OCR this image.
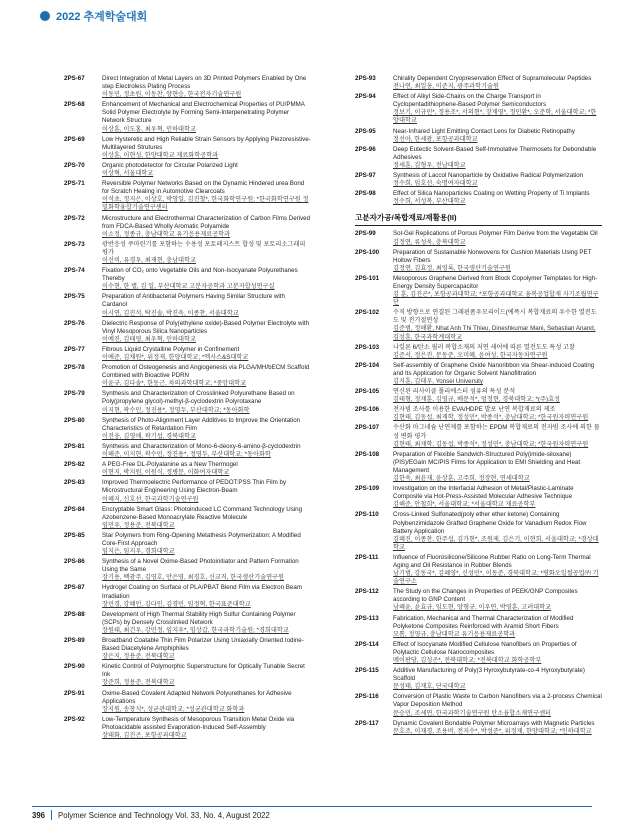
2022 추계학술대회
2PS-67	Direct Integration of Metal Layers on 3D Printed Polymers Enabled by One step Electroless Plating Process
이동민, 정초원, 이동찬, 양현승, 한국전자기술연구원
2PS-68	Enhancement of Mechanical and Electrochemical Properties of PU/PMMA Solid Polymer Electrolyte by Forming Semi-Interpenetrating Polymer Network Structure
이상훈, 이도홍, 최우혁, 인하대학교
2PS-69	Low Hysteretic and High Reliable Strain Sensors by Applying Piezoresistive-Multilayered Strutures
이상훈, 이현성, 한양대학교 재료화학공학과
2PS-70	Organic photodetector for Circular Polarized Light
이상혁, 서울대학교
2PS-71	Reversible Polymer Networks Based on the Dynamic Hindered urea Bond for Scratch Healing in Automotive Clearcoats
이석초, 정지은, 이상호, 박영일, 김진철*, 한국화학연구원; *한국화학연구원 정밀화학융합기술연구센터
2PS-72	Microstructure and Electrothermal Characterization of Carbon Films Derived from FDCA-Based Wholly Aromatic Polyamide
이소정, 정종규, 충남대학교 유기응용재료공학과
2PS-73	광반응성 쿠마린기를 포함하는 수용성 포토레지스트 합성 및 포토리소그래피 평가
이신비, 유경우, 최재현, 충남대학교
2PS-74	Fixation of CO₂ onto Vegetable Oils and Non-Isocyanate Polyurethanes Thereby
이수현, 한 별, 김 일, 부산대학교 고분자공학과 고분자합성연구실
2PS-75	Preparation of Antibacterial Polymers Having Similar Structure with Cardanol
이시연, 김진석, 탁진솔, 박진욱, 이종찬, 서울대학교
2PS-76	Dielectric Response of Poly(ethylene oxide)-Based Polymer Electrolyte with Vinyl Mesoporous Silica Nanoparticles
이예진, 김태영, 최우혁, 인하대학교
2PS-77	Fibrous Liquid Crystalline Polymer in Confinement
이예준, 김채원*, 위정재, 한양대학교; *엑사스&S대학교
2PS-78	Promotion of Osteogenesis and Angiogenesis via PLGA/MH/bECM Scaffold Combined with Bioactive PDRN
이윤규, 김다솔*, 한동근, 차의과학대학교; *중앙대학교
2PS-79	Synthesis and Characterization of Crosslinked Polyurethane Based on Poly(propylene glycol)-methyl-β-cyclodextrin Polyrotaxane
이지현, 곽수민, 정진용*, 정영두, 부산대학교; *동아화학
2PS-80	Synthesis of Photo-Alignment Layer Additives to Improve the Orientation Characteristics of Retardation Film
이진웅, 김영애, 곽기섭, 경북대학교
2PS-81	Synthesis and Characterization of Mono-6-deoxy-6-amino-β-cyclodextrin
이해준, 이지현, 곽수민, 정진용*, 정영두, 부산대학교; *동아화학
2PS-82	A PEG-Free DL-Polyalanine as a New Thermogel
이현지, 박지원, 이원식, 정병문, 이화여자대학교
2PS-83	Improved Thermoelectric Performance of PEDOT:PSS Thin Film by Microstructural Engineering Using Electron-Beam
이혜지, 신호선, 한국과학기술연구원
2PS-84	Encryptable Smart Glass: Photoinduced LC Command Technology Using Azobenzene-Based Monoacrylate Reactive Molecule
임민우, 정용준, 전북대학교
2PS-85	Star Polymers from Ring-Opening Metathesis Polymerization: A Modified Core-First Approach
임지은, 임지우, 경희대학교
2PS-86	Synthesis of a Novel Oxime-Based Photoinitiator and Pattern Formation Using the Same
장기용, 백광주, 김영호, 안은영, 최경호, 신교직, 한국생산기술연구원
2PS-87	Hydrogel Coating on Surface of PLA/PBAT Blend Film via Electron Beam Irradiation
장민경, 강혜인, 김다인, 김경민, 임정혁, 한국표준대학교
2PS-88	Development of High Thermal Stability High Sulfur Containing Polymer (SCPs) by Densely Crosslinked Network
장원태, 최건우, 강민정, 임지우*, 임상갑, 한국과학기술원; *경희대학교
2PS-89	Broadband Coatable Thin Film Polarizer Using Uniaxially Oriented Iodine-Based Diacetylene Amphiphiles
장은지, 정용준, 전북대학교
2PS-90	Kinetic Control of Polymorphic Superstructure for Optically Tunable Secret Ink
장준희, 정용준, 전북대학교
2PS-91	Oxime-Based Covalent Adapted Network Polyurethanes for Adhesive Applications
장지원, 송창식*, 성균관대학교; *성균관대학교 화학과
2PS-92	Low-Temperature Synthesis of Mesoporous Transition Metal Oxide via Photoacidable assisted Evaporation-Induced Self-Assembly
장태화, 김진곤, 포항공과대학교
2PS-93	Chirality Dependent Cryopreservation Effect of Supramolecular Peptides
전나연, 최일웅, 이준지, 광주과학기술원
2PS-94	Effect of Alkyl Side-Chains on the Charge Transport in Cyclopentadithiophene-Based Polymer Semiconductors
정보기, 이규민*, 정용조*, 서의현*, 장재영*, 정민환*, 오준학, 서울대학교; *한양대학교
2PS-95	Near-Infrared Light Emitting Contact Lens for Diabetic Retinopathy
정선아, 한세광, 포항공과대학교
2PS-96	Deep Eutectic Solvent-Based Self-Immolative Thermosets for Debondable Adhesives
정세훈, 김형우, 전남대학교
2PS-97	Synthesis of Laccol Nanoparticle by Oxidative Radical Polymerization
정수희, 임호선, 숙명여자대학교
2PS-98	Effect of Silica Nanoparticles Coating on Wetting Property of Ti Implants
정수희, 서성복, 부산대학교
고분자가공/복합재료/재활용(II)
2PS-99	Sol-Gel Replications of Porous Polymer Film Derive from the Vegetable Oil
김정연, 류성욱, 충북대학교
2PS-100	Preparation of Sustainable Nonwovens for Cushion Materials Using PET Hollow Fibers
김정연, 김효정, 최영록, 한국생산기술연구원
2PS-101	Mesoporous Graphene Derived from Block Copolymer Templates for High-Energy Density Supercapacitor
김 훈, 김진곤*, 포항공과대학교; *포항공과대학교 융복공업합재 자기조립연구단
2PS-102	수직 방향으로 연결된 그래핀폼우모리이드(에폭시 복합재료의 우수한 열전도도 및 전기절연성
김준범, 정해환, Nhat Anh Thi Thieu, Dineshkumar Mani, Sebastian Anand, 김성훈, 한국과학계대학교
2PS-103	나일론 6/탄소 필러 복합소재의 저연 세어에 따른 열전도도 특성 고찰
김준서, 정은진, 문동준, 오미혜, 윤여성, 한국자동차연구원
2PS-104	Self-assembly of Graphene Oxide Nanoribbon via Shear-induced Coating and Its Application for Organic Solvent Nanofiltration
김지훈, 김태우, Yonsei University
2PS-105	연신된 리사이클 폴리에스터 섬유의 특성 분석
김태형, 정재훈, 김영규, 배문석*, 엄정현, 경북대학교; *(주)효성
2PS-106	전자빔 조사를 이용한 EVA/HDPE 발포 난연 복합재료의 제조
김현태, 김동섭, 최재학, 정성민*, 박종석*, 충남대학교; *한국원자력연구원
2PS-107	수산화 마그네슘 난연제를 포함하는 EPDM 복합재료의 전자빔 조사에 의한 물성 변화 평가
김현태, 최재학, 김동섭, 박종석*, 정성민*, 충남대학교; *한국원자력연구원
2PS-108	Preparation of Flexible Sandwich-Structured Poly(imide-siloxane) (PIS)/EGaIn MC/PIS Films for Application to EMI Shielding and Heat Management
김한욱, 최윤재, 윤상훈, 고주희, 정장현, 연세대학교
2PS-109	Investigation on the Interfacial Adhesion of Metal/Plastic-Laminate Composite via Hot-Press-Assisted Molecular Adhesive Technique
김해준, 안철희*, 서울대학교; *서울대학교 재료공학부
2PS-110	Cross-Linked Sulfonated(poly ether ether ketone) Containing Polybenzimidazole Grafted Graphene Oxide for Vanadium Redox Flow Battery Application
김혜진, 이종찬, 한주섭, 김가현*, 조원제, 김은기, 이현희, 서울대학교; *경상대학교
2PS-111	Influence of Fluorosilicone/Silicone Rubber Ratio on Long-Term Thermal Aging and Oil Resistance in Rubber Blends
남기범, 강동국*, 김혜영*, 신성민*, 이동준, 경북대학교; *평화오일씰공업㈜ 기술연구소
2PS-112	The Study on the Changes in Properties of PEEK/GNP Composites according to GNP Content
남혜윤, 윤효규, 임도현, 양형규, 이우연, 박영훈, 고려대학교
2PS-113	Fabrication, Mechanical and Thermal Characterization of Modified Polyketone Composites Reinforced with Aramid Short Fibers
모톰, 정영규, 충남대학교 유기응용재료공학과
2PS-114	Effect of Isocyanate Modified Cellulose Nanofibers on Properties of Polylactic Cellulose Nanocomposites
메이판당, 김성곤*, 전북대학교; *전북대학교 화학공학부
2PS-115	Additive Manufacturing of Poly(3 Hyroxybutyrate-co-4 Hyroxybutyrate) Scaffold
문성태, 김재호, 단국대학교
2PS-116	Conversion of Plastic Waste to Carbon Nanofibers via a 2-process Chemical Vapor Deposition Method
문승민, 조세연, 한국과학기술연구원 탄소융합소재연구센터
2PS-117	Dynamic Covalent Bondable Polymer Microarrays with Magnetic Particles
문호조, 이재경, 조용비, 전지수*, 박성준*, 위정재, 한양대학교; *인하대학교
396 Polymer Science and Technology Vol. 33, No. 4, August 2022
